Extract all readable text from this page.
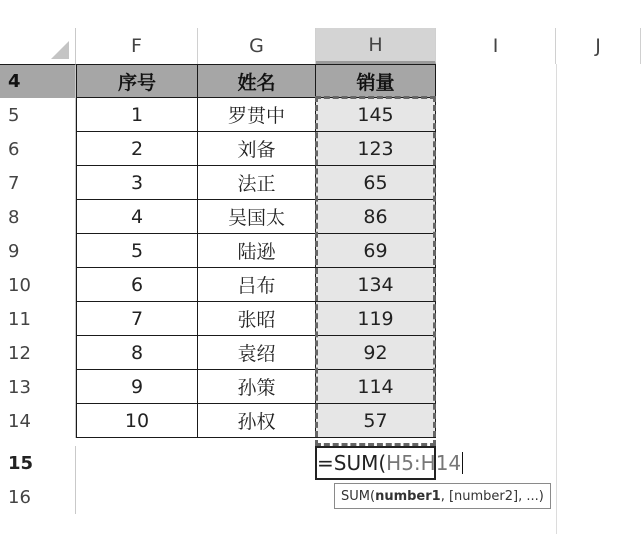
F	G	H	I	J
4	序号	姓名	销量
5	1	罗贯中	145
6	2	刘备	123
7	3	法正	65
8	4	吴国太	86
9	5	陆逊	69
10	6	吕布	134
11	7	张昭	119
12	8	袁绍	92
13	9	孙策	114
14	10	孙权	57
15
16
=SUM( H5:H14
SUM( number1 , [number2], ...)
